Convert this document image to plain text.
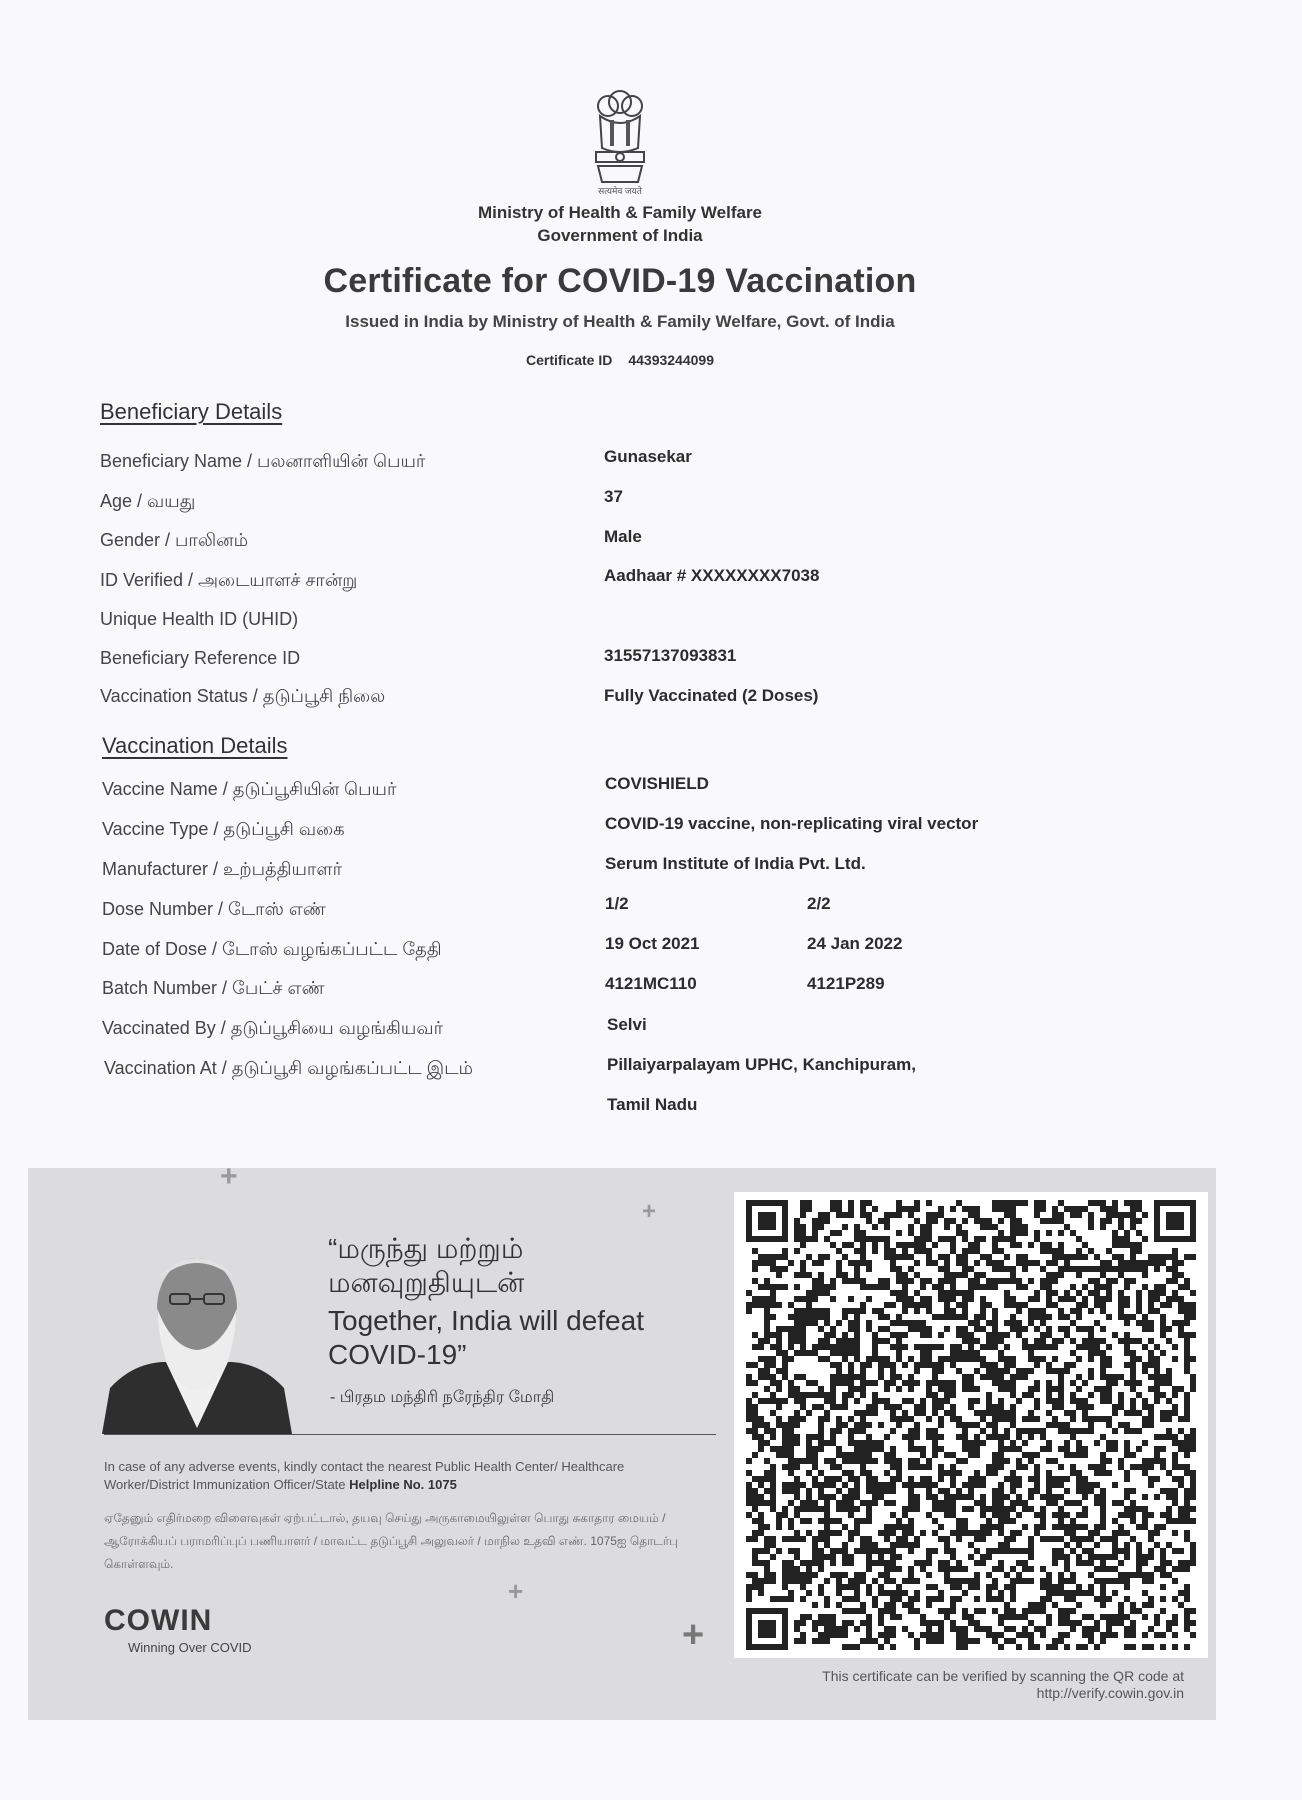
सत्यमेव जयते
Ministry of Health & Family Welfare
Government of India
Certificate for COVID-19 Vaccination
Issued in India by Ministry of Health & Family Welfare, Govt. of India
Certificate ID 44393244099
Beneficiary Details
Beneficiary Name / பலனாளியின் பெயர்	Gunasekar
Age / வயது	37
Gender / பாலினம்	Male
ID Verified / அடையாளச் சான்று	Aadhaar # XXXXXXXX7038
Unique Health ID (UHID)
Beneficiary Reference ID	31557137093831
Vaccination Status / தடுப்பூசி நிலை	Fully Vaccinated (2 Doses)
Vaccination Details
Vaccine Name / தடுப்பூசியின் பெயர்	COVISHIELD
Vaccine Type / தடுப்பூசி வகை	COVID-19 vaccine, non-replicating viral vector
Manufacturer / உற்பத்தியாளர்	Serum Institute of India Pvt. Ltd.
Dose Number / டோஸ் எண்	1/2	2/2
Date of Dose / டோஸ் வழங்கப்பட்ட தேதி	19 Oct 2021	24 Jan 2022
Batch Number / பேட்ச் எண்	4121MC110	4121P289
Vaccinated By / தடுப்பூசியை வழங்கியவர்	Selvi
Vaccination At / தடுப்பூசி வழங்கப்பட்ட இடம்	Pillaiyarpalayam UPHC, Kanchipuram,
Tamil Nadu
+
+
+
+
“மருந்து மற்றும்
மனவுறுதியுடன்
Together, India will defeat COVID-19”
- பிரதம மந்திரி நரேந்திர மோதி
In case of any adverse events, kindly contact the nearest Public Health Center/ Healthcare Worker/District Immunization Officer/State Helpline No. 1075
ஏதேனும் எதிர்மறை விளைவுகள் ஏற்பட்டால், தயவு செய்து அருகாமையிலுள்ள பொது சுகாதார மையம் / ஆரோக்கியப் பராமரிப்புப் பணியாளர் / மாவட்ட தடுப்பூசி அலுவலர் / மாநில உதவி எண். 1075ஐ தொடர்பு கொள்ளவும்.
COWIN
Winning Over COVID
This certificate can be verified by scanning the QR code at
http://verify.cowin.gov.in
